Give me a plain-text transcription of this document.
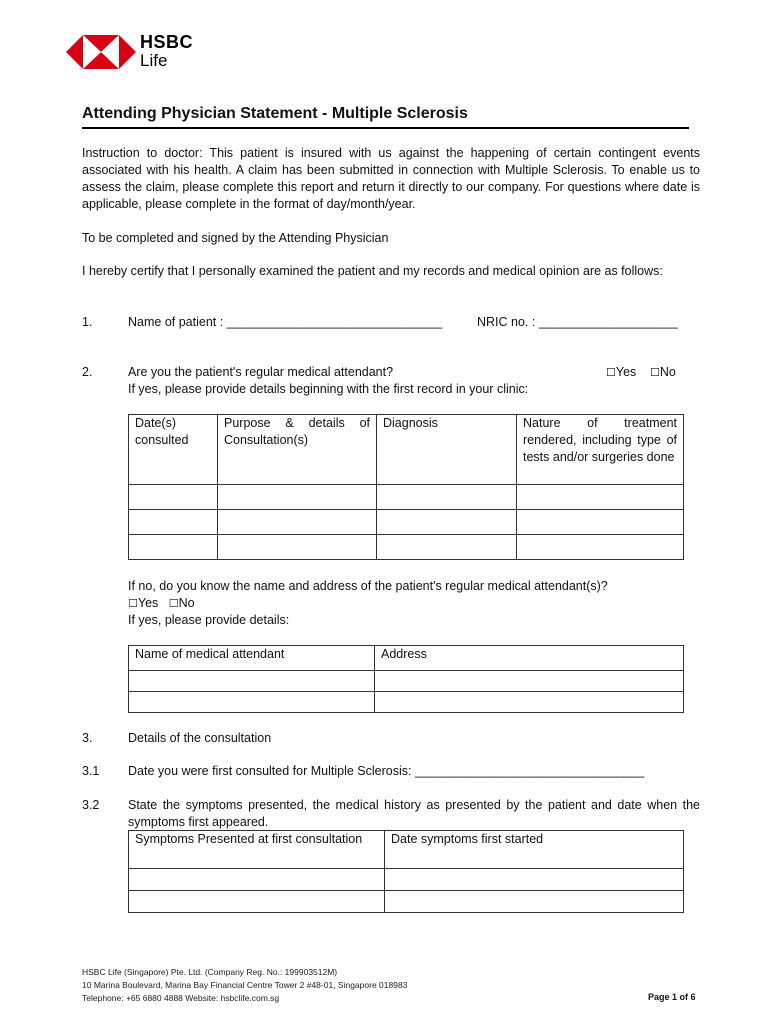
HSBC
Life
Attending Physician Statement - Multiple Sclerosis
Instruction to doctor: This patient is insured with us against the happening of certain contingent events associated with his health. A claim has been submitted in connection with Multiple Sclerosis. To enable us to assess the claim, please complete this report and return it directly to our company. For questions where date is applicable, please complete in the format of day/month/year.
To be completed and signed by the Attending Physician
I hereby certify that I personally examined the patient and my records and medical opinion are as follows:
1.	Name of patient : _______________________________	NRIC no. : ____________________
2.	Are you the patient's regular medical attendant?	☐Yes ☐No
If yes, please provide details beginning with the first record in your clinic:
Date(s) consulted	Purpose & details of Consultation(s)	Diagnosis	Nature of treatment rendered, including type of tests and/or surgeries done

If no, do you know the name and address of the patient's regular medical attendant(s)?
☐Yes ☐No
If yes, please provide details:
Name of medical attendant	Address

3.	Details of the consultation
3.1 Date you were first consulted for Multiple Sclerosis: _________________________________
3.2 State the symptoms presented, the medical history as presented by the patient and date when the symptoms first appeared.
Symptoms Presented at first consultation	Date symptoms first started

HSBC Life (Singapore) Pte. Ltd. (Company Reg. No.: 199903512M)
10 Marina Boulevard, Marina Bay Financial Centre Tower 2 #48-01, Singapore 018983
Telephone: +65 6880 4888 Website: hsbclife.com.sg	Page 1 of 6
